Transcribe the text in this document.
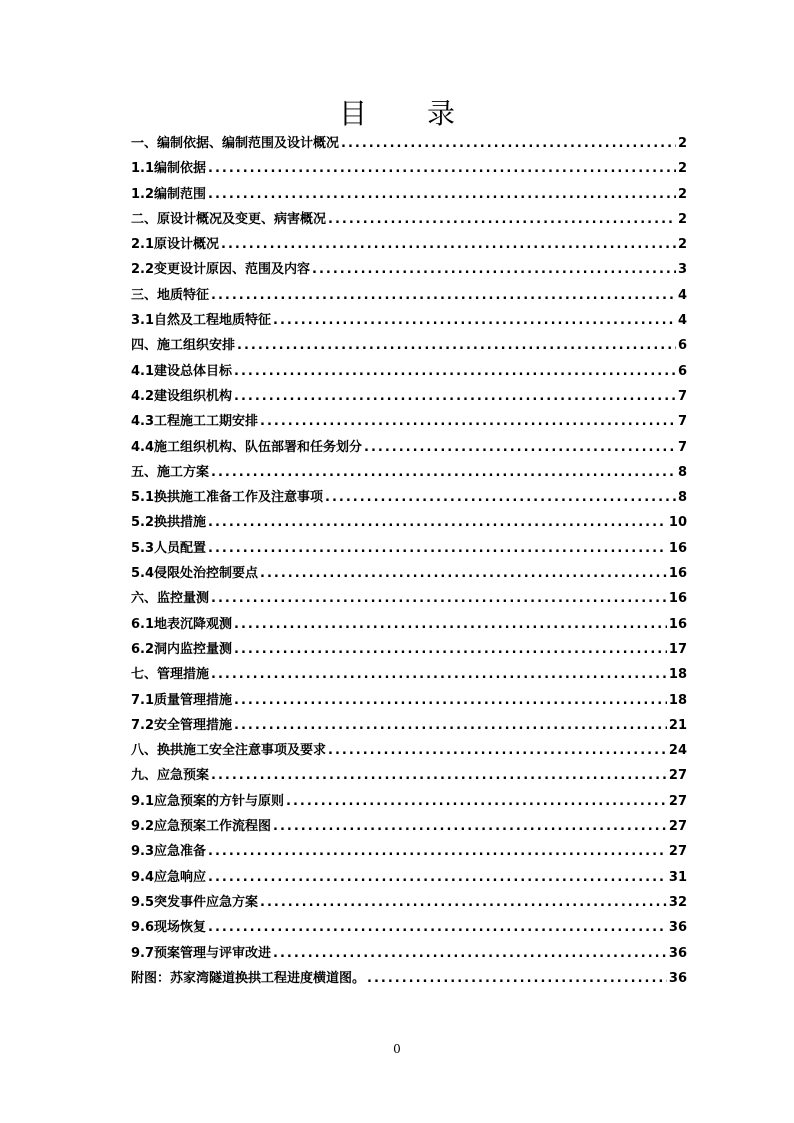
目 录
一、编制依据、编制范围及设计概况 .....	2
1.1编制依据 .....	2
1.2编制范围 .....	2
二、原设计概况及变更、病害概况 .....	2
2.1原设计概况 .....	2
2.2变更设计原因、范围及内容 .....	3
三、地质特征 .....	4
3.1自然及工程地质特征 .....	4
四、施工组织安排 .....	6
4.1建设总体目标 .....	6
4.2建设组织机构 .....	7
4.3工程施工工期安排 .....	7
4.4施工组织机构、队伍部署和任务划分 .....	7
五、施工方案 .....	8
5.1换拱施工准备工作及注意事项 .....	8
5.2换拱措施 .....	10
5.3人员配置 .....	16
5.4侵限处治控制要点 .....	16
六、监控量测 .....	16
6.1地表沉降观测 .....	16
6.2洞内监控量测 .....	17
七、管理措施 .....	18
7.1质量管理措施 .....	18
7.2安全管理措施 .....	21
八、换拱施工安全注意事项及要求 .....	24
九、应急预案 .....	27
9.1应急预案的方针与原则 .....	27
9.2应急预案工作流程图 .....	27
9.3应急准备 .....	27
9.4应急响应 .....	31
9.5突发事件应急方案 .....	32
9.6现场恢复 .....	36
9.7预案管理与评审改进 .....	36
附图：苏家湾隧道换拱工程进度横道图。 .....	36
0
